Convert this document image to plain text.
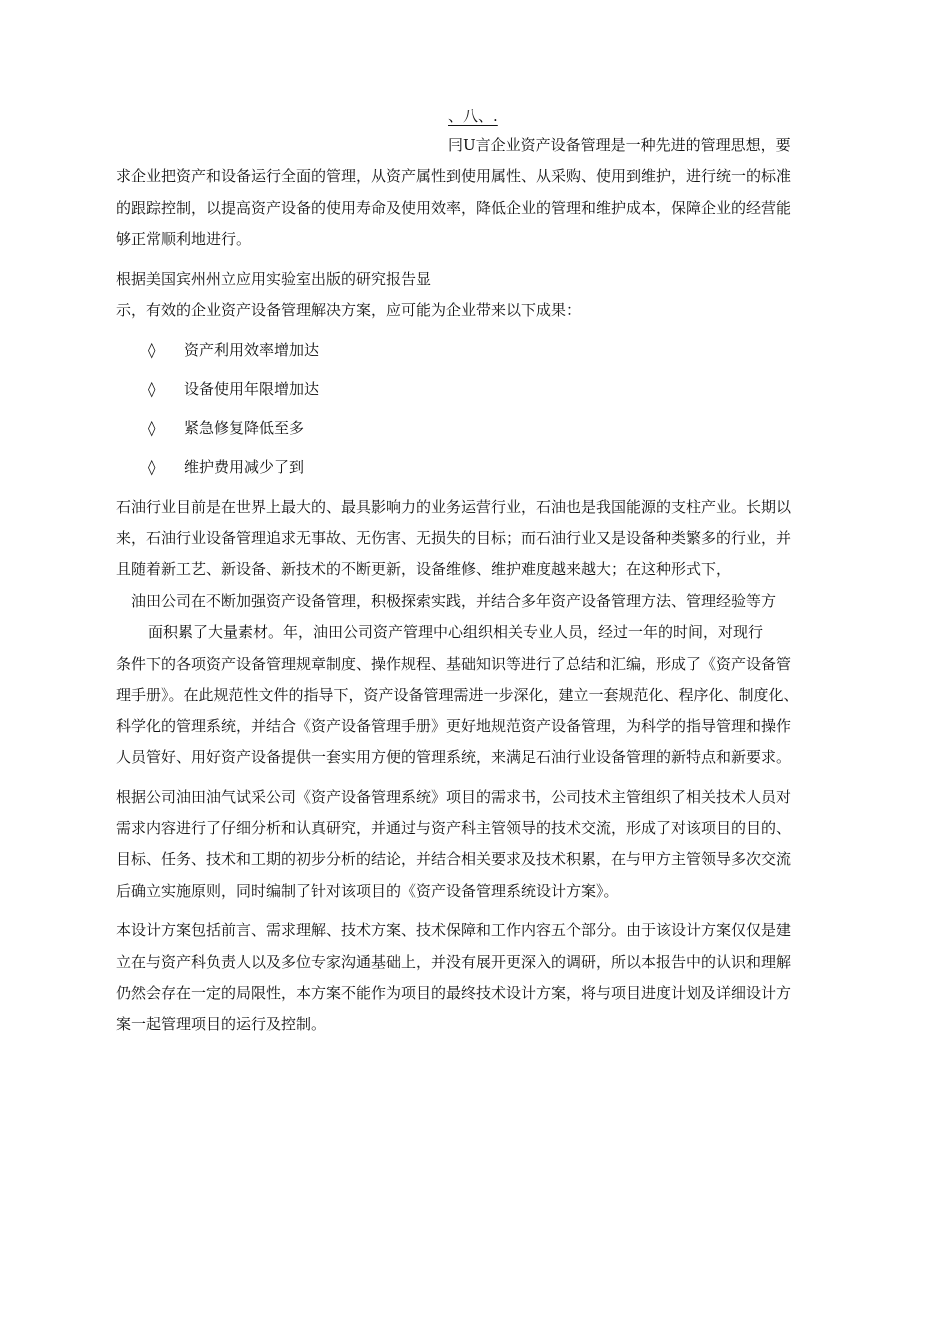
、八、.
冃U言企业资产设备管理是一种先进的管理思想，要
求企业把资产和设备运行全面的管理，从资产属性到使用属性、从采购、使用到维护，进行统一的标准
的跟踪控制，以提高资产设备的使用寿命及使用效率，降低企业的管理和维护成本，保障企业的经营能
够正常顺利地进行。
根据美国宾州州立应用实验室出版的研究报告显
示，有效的企业资产设备管理解决方案，应可能为企业带来以下成果：
◊ 资产利用效率增加达
◊ 设备使用年限增加达
◊ 紧急修复降低至多
◊ 维护费用减少了到
石油行业目前是在世界上最大的、最具影响力的业务运营行业，石油也是我国能源的支柱产业。长期以
来，石油行业设备管理追求无事故、无伤害、无损失的目标；而石油行业又是设备种类繁多的行业，并
且随着新工艺、新设备、新技术的不断更新，设备维修、维护难度越来越大；在这种形式下，
油田公司在不断加强资产设备管理，积极探索实践，并结合多年资产设备管理方法、管理经验等方
面积累了大量素材。年，油田公司资产管理中心组织相关专业人员，经过一年的时间，对现行
条件下的各项资产设备管理规章制度、操作规程、基础知识等进行了总结和汇编，形成了《资产设备管
理手册》。在此规范性文件的指导下，资产设备管理需进一步深化，建立一套规范化、程序化、制度化、
科学化的管理系统，并结合《资产设备管理手册》更好地规范资产设备管理，为科学的指导管理和操作
人员管好、用好资产设备提供一套实用方便的管理系统，来满足石油行业设备管理的新特点和新要求。
根据公司油田油气试采公司《资产设备管理系统》项目的需求书，公司技术主管组织了相关技术人员对
需求内容进行了仔细分析和认真研究，并通过与资产科主管领导的技术交流，形成了对该项目的目的、
目标、任务、技术和工期的初步分析的结论，并结合相关要求及技术积累，在与甲方主管领导多次交流
后确立实施原则，同时编制了针对该项目的《资产设备管理系统设计方案》。
本设计方案包括前言、需求理解、技术方案、技术保障和工作内容五个部分。由于该设计方案仅仅是建
立在与资产科负责人以及多位专家沟通基础上，并没有展开更深入的调研，所以本报告中的认识和理解
仍然会存在一定的局限性，本方案不能作为项目的最终技术设计方案，将与项目进度计划及详细设计方
案一起管理项目的运行及控制。
